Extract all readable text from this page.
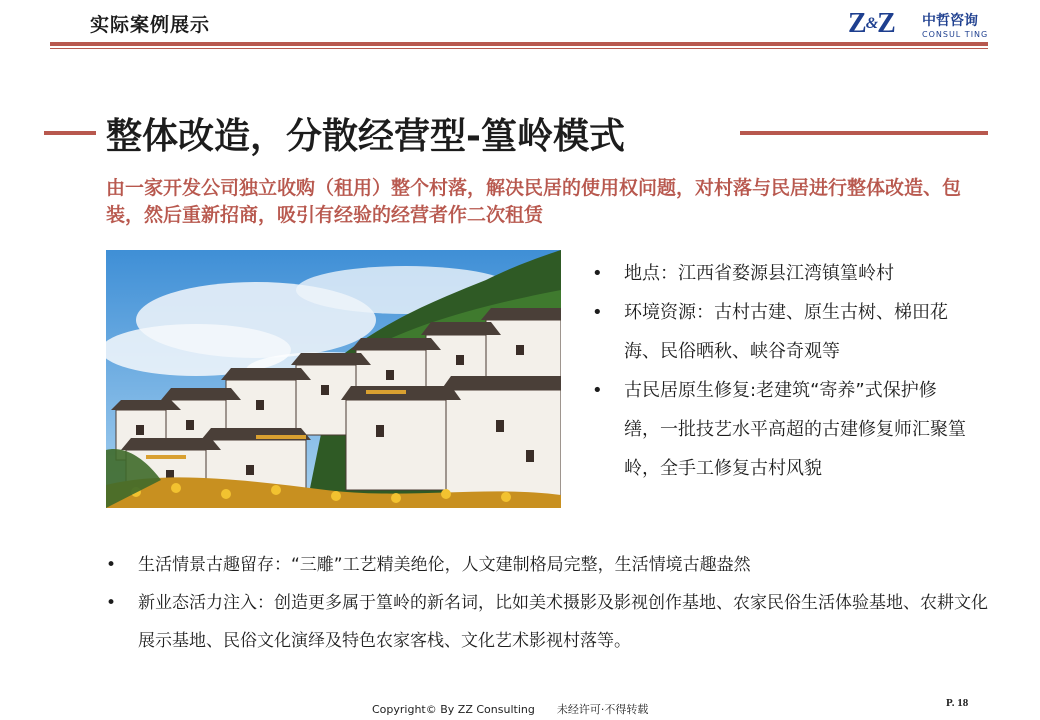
实际案例展示	Z&Z 中哲咨询
CONSUL TING
整体改造，分散经营型-篁岭模式
由一家开发公司独立收购（租用）整个村落，解决民居的使用权问题，对村落与民居进行整体改造、包装，然后重新招商，吸引有经验的经营者作二次租赁
• 地点：江西省婺源县江湾镇篁岭村
• 环境资源：古村古建、原生古树、梯田花海、民俗晒秋、峡谷奇观等
• 古民居原生修复:老建筑“寄养”式保护修缮，一批技艺水平高超的古建修复师汇聚篁岭，全手工修复古村风貌
• 生活情景古趣留存：“三雕”工艺精美绝伦，人文建制格局完整，生活情境古趣盎然
• 新业态活力注入：创造更多属于篁岭的新名词，比如美术摄影及影视创作基地、农家民俗生活体验基地、农耕文化展示基地、民俗文化演绎及特色农家客栈、文化艺术影视村落等。
Copyright© By ZZ Consulting 未经许可·不得转载	P. 18
